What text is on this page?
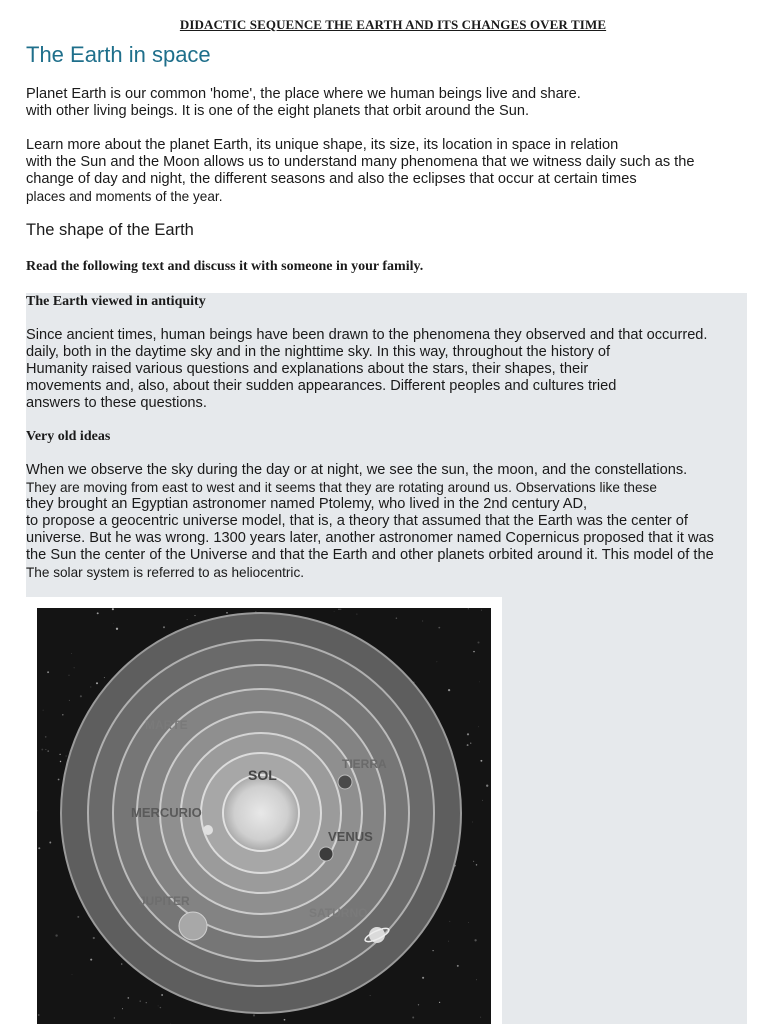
DIDACTIC SEQUENCE THE EARTH AND ITS CHANGES OVER TIME
The Earth in space

Planet Earth is our common 'home', the place where we human beings live and share.
with other living beings. It is one of the eight planets that orbit around the Sun.

Learn more about the planet Earth, its unique shape, its size, its location in space in relation
with the Sun and the Moon allows us to understand many phenomena that we witness daily such as the
change of day and night, the different seasons and also the eclipses that occur at certain times
places and moments of the year.

The shape of the Earth

Read the following text and discuss it with someone in your family.

The Earth viewed in antiquity

Since ancient times, human beings have been drawn to the phenomena they observed and that occurred.
daily, both in the daytime sky and in the nighttime sky. In this way, throughout the history of
Humanity raised various questions and explanations about the stars, their shapes, their
movements and, also, about their sudden appearances. Different peoples and cultures tried
answers to these questions.

Very old ideas

When we observe the sky during the day or at night, we see the sun, the moon, and the constellations.
They are moving from east to west and it seems that they are rotating around us. Observations like these
they brought an Egyptian astronomer named Ptolemy, who lived in the 2nd century AD,
to propose a geocentric universe model, that is, a theory that assumed that the Earth was the center of
universe. But he was wrong. 1300 years later, another astronomer named Copernicus proposed that it was
the Sun the center of the Universe and that the Earth and other planets orbited around it. This model of the
The solar system is referred to as heliocentric.

SOL
MERCURIO
VENUS
TIERRA
MARTE
JUPITER
SATURNO
